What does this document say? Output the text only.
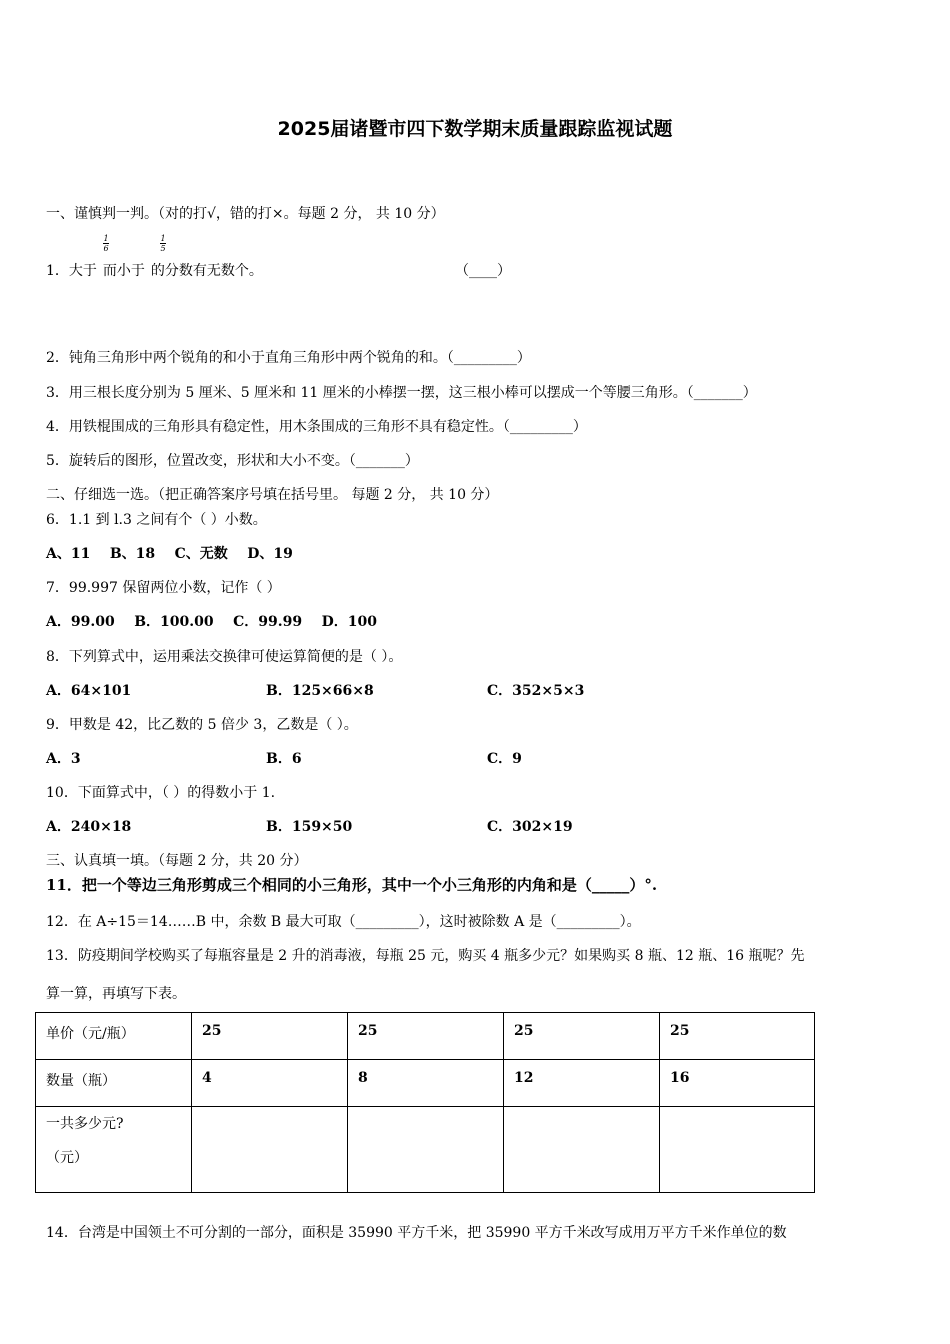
2025届诸暨市四下数学期末质量跟踪监视试题
一、谨慎判一判。（对的打√，错的打×。每题 2 分， 共 10 分）
1．大于 而小于 的分数有无数个。
1
6
1
5
（____）
2．钝角三角形中两个锐角的和小于直角三角形中两个锐角的和。（_________）
3．用三根长度分别为 5 厘米、5 厘米和 11 厘米的小棒摆一摆，这三根小棒可以摆成一个等腰三角形。（_______）
4．用铁棍围成的三角形具有稳定性，用木条围成的三角形不具有稳定性。（_________）
5．旋转后的图形，位置改变，形状和大小不变。（_______）
二、仔细选一选。（把正确答案序号填在括号里。 每题 2 分， 共 10 分）
6．1.1 到 l.3 之间有个（ ）小数。
A、11    B、18    C、无数    D、19
7．99.997 保留两位小数，记作（ ）
A．99.00    B．100.00    C．99.99    D．100
8．下列算式中，运用乘法交换律可使运算简便的是（ ）。
A．64×101	B．125×66×8	C．352×5×3
9．甲数是 42，比乙数的 5 倍少 3，乙数是（ ）。
A．3	B．6	C．9
10．下面算式中，（ ）的得数小于 1.
A．240×18	B．159×50	C．302×19
三、认真填一填。（每题 2 分，共 20 分）
11．把一个等边三角形剪成三个相同的小三角形，其中一个小三角形的内角和是（_____）°.
12．在 A÷15＝14……B 中，余数 B 最大可取（_________），这时被除数 A 是（_________）。
13．防疫期间学校购买了每瓶容量是 2 升的消毒液，每瓶 25 元，购买 4 瓶多少元？如果购买 8 瓶、12 瓶、16 瓶呢？先
算一算，再填写下表。
单价（元/瓶）	25	25	25	25
数量（瓶）	4	8	12	16

一共多少元?
（元）				

14．台湾是中国领土不可分割的一部分，面积是 35990 平方千米，把 35990 平方千米改写成用万平方千米作单位的数
